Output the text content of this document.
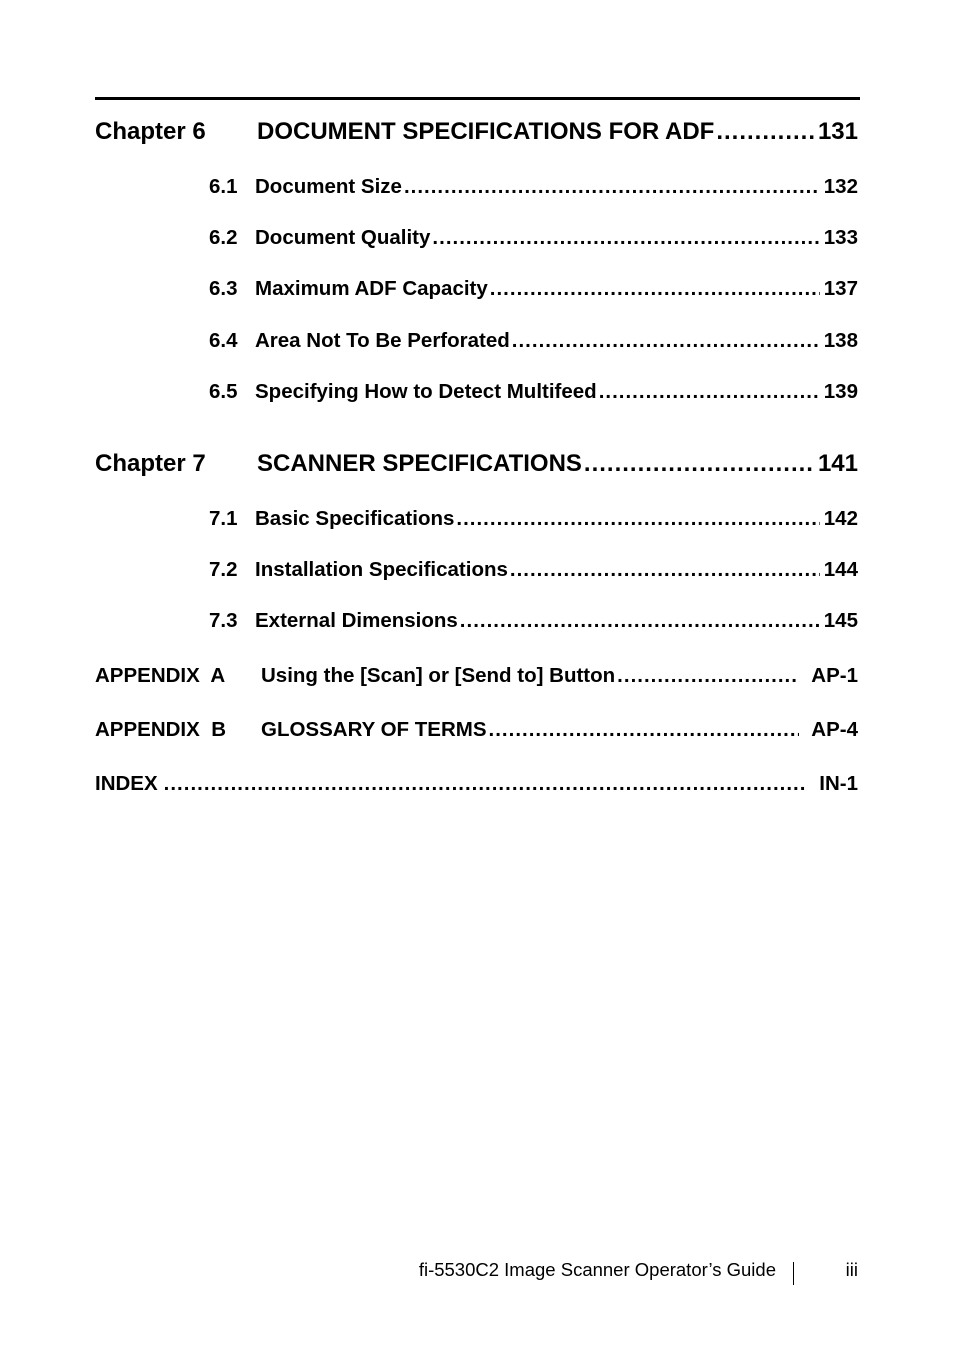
Chapter 6	DOCUMENT SPECIFICATIONS FOR ADF .....	131
6.1 Document Size .....	132
6.2 Document Quality .....	133
6.3 Maximum ADF Capacity .....	137
6.4 Area Not To Be Perforated .....	138
6.5 Specifying How to Detect Multifeed .....	139
Chapter 7	SCANNER SPECIFICATIONS .....	141
7.1 Basic Specifications .....	142
7.2 Installation Specifications .....	144
7.3 External Dimensions .....	145
APPENDIX  A	Using the [Scan] or [Send to] Button .....	AP-1
APPENDIX  B	GLOSSARY OF TERMS .....	AP-4
INDEX .....	IN-1
fi-5530C2 Image Scanner Operator’s Guide	iii
